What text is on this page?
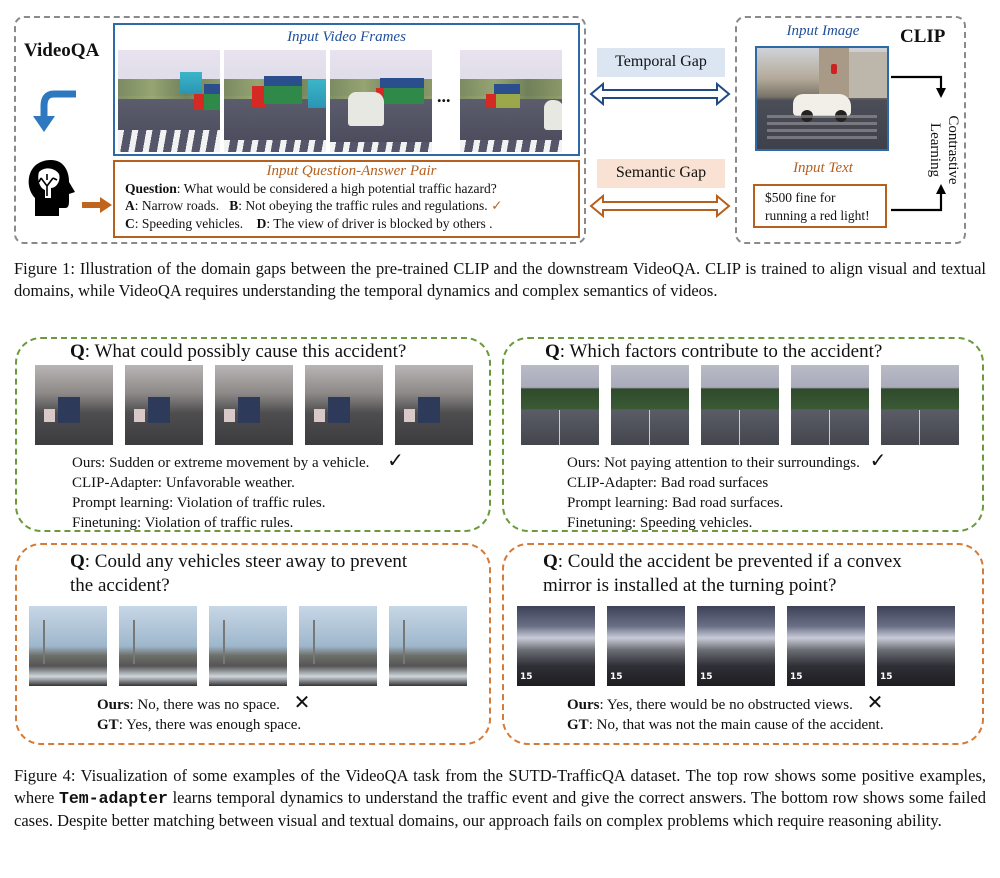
VideoQA
Input Video Frames
...
Input Question-Answer Pair
Question: What would be considered a high potential traffic hazard?
A: Narrow roads. B: Not obeying the traffic rules and regulations. ✓
C: Speeding vehicles. D: The view of driver is blocked by others .
Temporal Gap
Semantic Gap
CLIP
Input Image
Input Text
$500 fine for
running a red light!
Contrastive
Learning
Figure 1: Illustration of the domain gaps between the pre-trained CLIP and the downstream VideoQA. CLIP is trained to align visual and textual domains, while VideoQA requires understanding the temporal dynamics and complex semantics of videos.
Q: What could possibly cause this accident?
Ours: Sudden or extreme movement by a vehicle. ✓
CLIP-Adapter: Unfavorable weather.
Prompt learning: Violation of traffic rules.
Finetuning: Violation of traffic rules.
Q: Which factors contribute to the accident?
Ours: Not paying attention to their surroundings. ✓
CLIP-Adapter: Bad road surfaces
Prompt learning: Bad road surfaces.
Finetuning: Speeding vehicles.
Q: Could any vehicles steer away to prevent
the accident?
Ours: No, there was no space. ✕
GT: Yes, there was enough space.
Q: Could the accident be prevented if a convex
mirror is installed at the turning point?
15
15
15
15
15
Ours: Yes, there would be no obstructed views. ✕
GT: No, that was not the main cause of the accident.
Figure 4: Visualization of some examples of the VideoQA task from the SUTD-TrafficQA dataset. The top row shows some positive examples, where Tem-adapter learns temporal dynamics to understand the traffic event and give the correct answers. The bottom row shows some failed cases. Despite better matching between visual and textual domains, our approach fails on complex problems which require reasoning ability.
